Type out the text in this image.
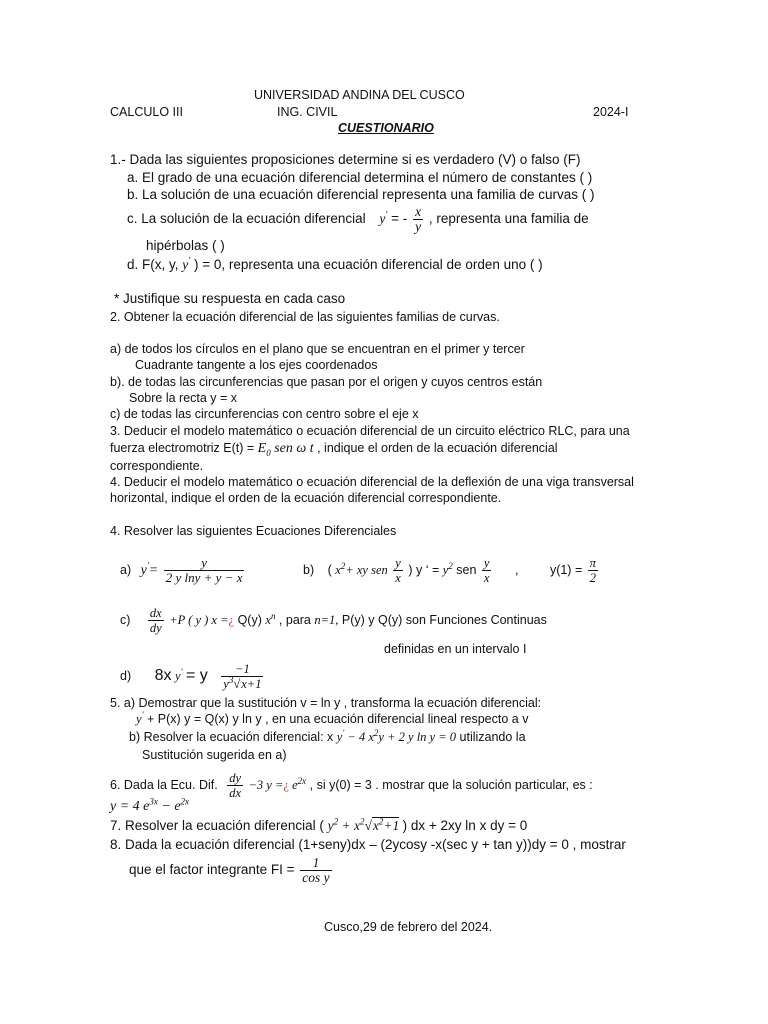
UNIVERSIDAD ANDINA DEL CUSCO
CALCULO III	ING. CIVIL	2024-I
CUESTIONARIO
1.- Dada las siguientes proposiciones determine si es verdadero (V) o falso (F)
a. El grado de una ecuación diferencial determina el número de constantes ( )
b. La solución de una ecuación diferencial representa una familia de curvas ( )
c. La solución de la ecuación diferencial y′ = - $\frac{x}{y}$ , representa una familia de
hipérbolas ( )
d. F(x, y, y′ ) = 0, representa una ecuación diferencial de orden uno ( )
* Justifique su respuesta en cada caso
2. Obtener la ecuación diferencial de las siguientes familias de curvas.
a) de todos los círculos en el plano que se encuentran en el primer y tercer
Cuadrante tangente a los ejes coordenados
b). de todas las circunferencias que pasan por el origen y cuyos centros están
Sobre la recta y = x
c) de todas las circunferencias con centro sobre el eje x
3. Deducir el modelo matemático o ecuación diferencial de un circuito eléctrico RLC, para una
fuerza electromotriz $E(t) = E_0$ sen ω t , indique el orden de la ecuación diferencial
correspondiente.
4. Deducir el modelo matemático o ecuación diferencial de la deflexión de una viga transversal
horizontal, indique el orden de la ecuación diferencial correspondiente.
4. Resolver las siguientes Ecuaciones Diferenciales
a) $y'= \frac{y}{\text{2 y lny + y − x}}$	b) ( $x^2+$ xy sen $\frac{y}{x}$ ) y ‘ = $y^2$ sen $\frac{y}{x}$ ,	$y(1) = \frac{\pi}{2}$
$c) \frac{dx}{dy} +P$ ( y ) x =¿ Q(y) $x^n$ , para n=1, P(y) y Q(y) son Funciones Continuas
definidas en un intervalo I
d) 8x y′ = y $\frac{-1}{y^3√x+1}$
5. a) Demostrar que la sustitución v = ln y , transforma la ecuación diferencial:
y′ + P(x) y = Q(x) y ln y , en una ecuación diferencial lineal respecto a v
b) Resolver la ecuación diferencial: x y′ − 4 $x^2y + 2$ y ln y = 0 utilizando la
Sustitución sugerida en a)
6. Dada la Ecu. Dif. $\frac{dy}{dx} -3$ y =¿ $e^{2x}$ , si y(0) = 3 . mostrar que la solución particular, es :
y = 4 $e^{3x} - e^{2x}$
7. Resolver la ecuación diferencial ( $y^2 + x^2√x^2+1$ ) dx + 2xy ln x dy = 0
8. Dada la ecuación diferencial (1+seny)dx – (2ycosy -x(sec y + tan y))dy = 0 , mostrar
que el factor integrante FI = $\frac{1}{\text{cos y}}$
Cusco,29 de febrero del 2024.
